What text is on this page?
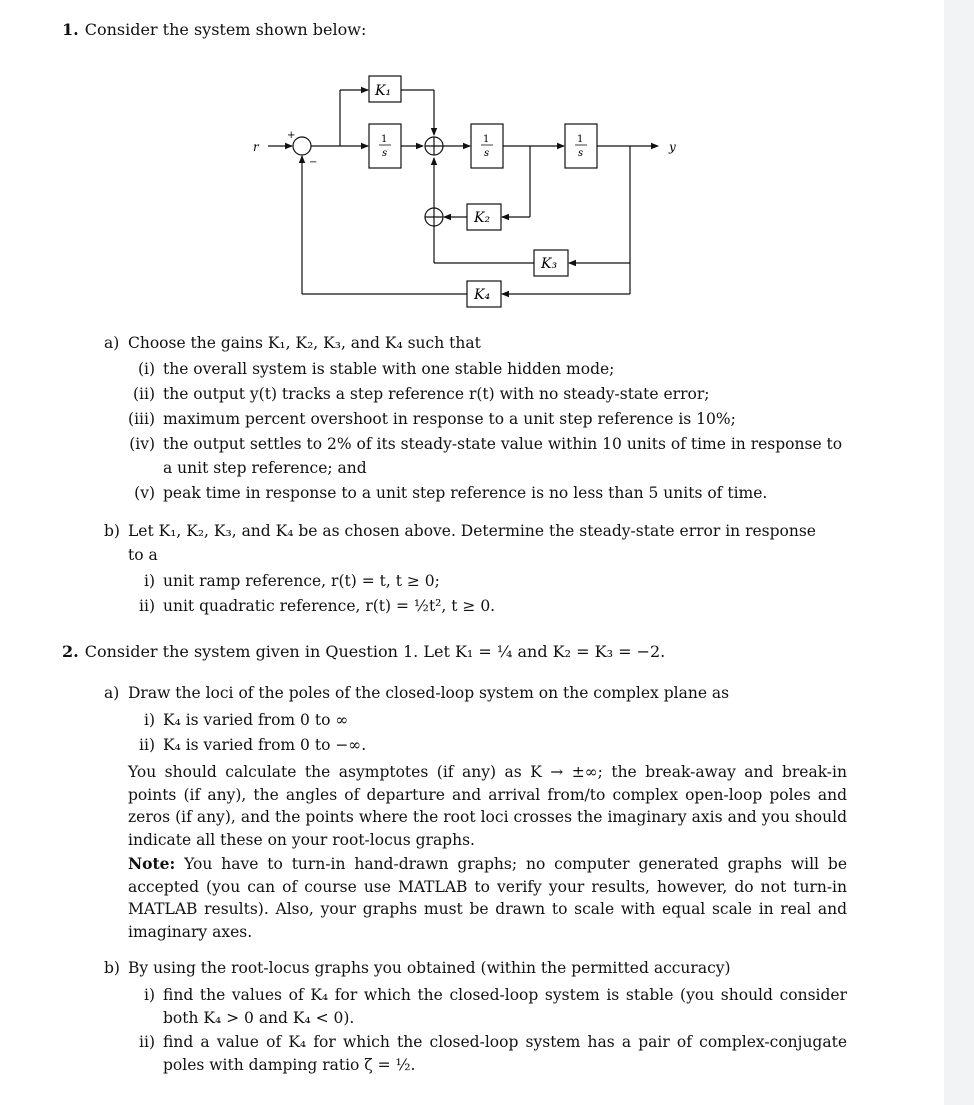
1. Consider the system shown below:
r	y
+
−
K₁
K₂
K₃
K₄
1
s
1
s
1
s
a) Choose the gains K₁, K₂, K₃, and K₄ such that
(i) the overall system is stable with one stable hidden mode;
(ii) the output y(t) tracks a step reference r(t) with no steady-state error;
(iii) maximum percent overshoot in response to a unit step reference is 10%;
(iv) the output settles to 2% of its steady-state value within 10 units of time in response to
a unit step reference; and
(v) peak time in response to a unit step reference is no less than 5 units of time.
b) Let K₁, K₂, K₃, and K₄ be as chosen above. Determine the steady-state error in response
to a
i) unit ramp reference, r(t) = t, t ≥ 0;
ii) unit quadratic reference, r(t) = ½t², t ≥ 0.
2. Consider the system given in Question 1. Let K₁ = ¼ and K₂ = K₃ = −2.
a) Draw the loci of the poles of the closed-loop system on the complex plane as
i) K₄ is varied from 0 to ∞
ii) K₄ is varied from 0 to −∞.
You should calculate the asymptotes (if any) as K → ±∞; the break-away and break-in points (if any), the angles of departure and arrival from/to complex open-loop poles and zeros (if any), and the points where the root loci crosses the imaginary axis and you should indicate all these on your root-locus graphs.
Note: You have to turn-in hand-drawn graphs; no computer generated graphs will be accepted (you can of course use MATLAB to verify your results, however, do not turn-in MATLAB results). Also, your graphs must be drawn to scale with equal scale in real and imaginary axes.
b) By using the root-locus graphs you obtained (within the permitted accuracy)
i) find the values of K₄ for which the closed-loop system is stable (you should consider both K₄ > 0 and K₄ < 0).
ii) find a value of K₄ for which the closed-loop system has a pair of complex-conjugate poles with damping ratio ζ = ½.
